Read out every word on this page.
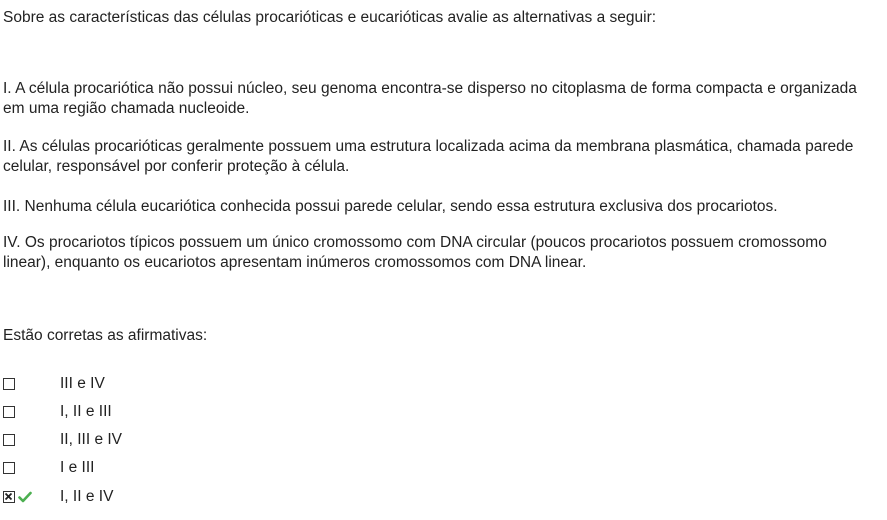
Sobre as características das células procarióticas e eucarióticas avalie as alternativas a seguir:
I. A célula procariótica não possui núcleo, seu genoma encontra-se disperso no citoplasma de forma compacta e organizada em uma região chamada nucleoide.
II. As células procarióticas geralmente possuem uma estrutura localizada acima da membrana plasmática, chamada parede celular, responsável por conferir proteção à célula.
III. Nenhuma célula eucariótica conhecida possui parede celular, sendo essa estrutura exclusiva dos procariotos.
IV. Os procariotos típicos possuem um único cromossomo com DNA circular (poucos procariotos possuem cromossomo linear), enquanto os eucariotos apresentam inúmeros cromossomos com DNA linear.
Estão corretas as afirmativas:
III e IV
I, II e III
II, III e IV
I e III
I, II e IV
